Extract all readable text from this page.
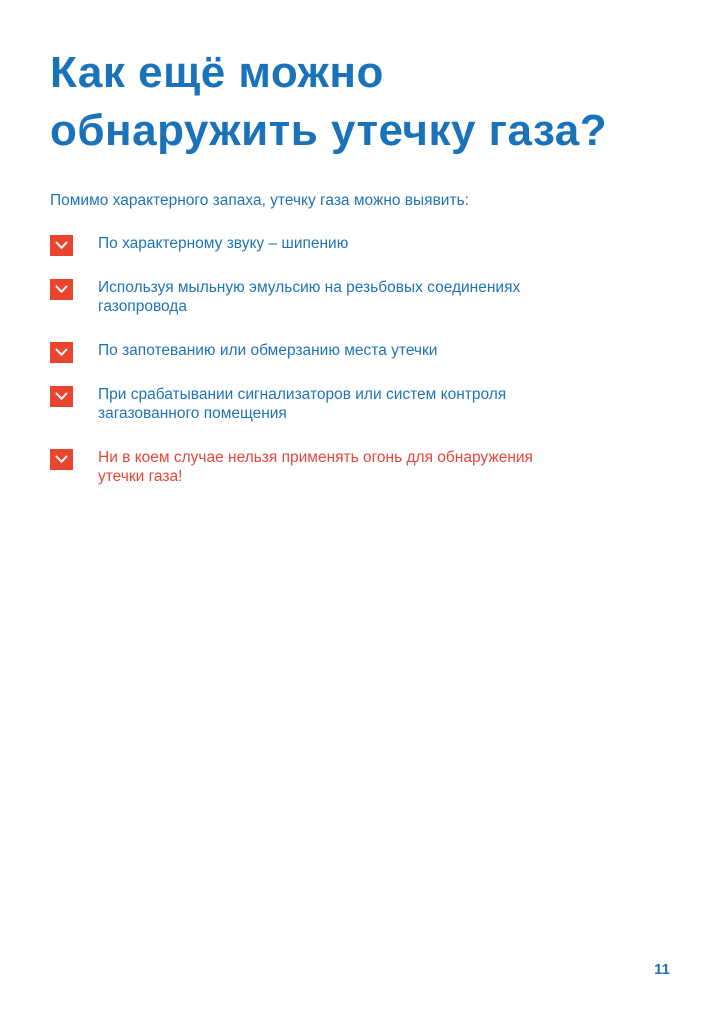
Как ещё можно
обнаружить утечку газа?

Помимо характерного запаха, утечку газа можно выявить:

По характерному звуку – шипению
Используя мыльную эмульсию на резьбовых соединениях
газопровода
По запотеванию или обмерзанию места утечки
При срабатывании сигнализаторов или систем контроля
загазованного помещения
Ни в коем случае нельзя применять огонь для обнаружения
утечки газа!
11
